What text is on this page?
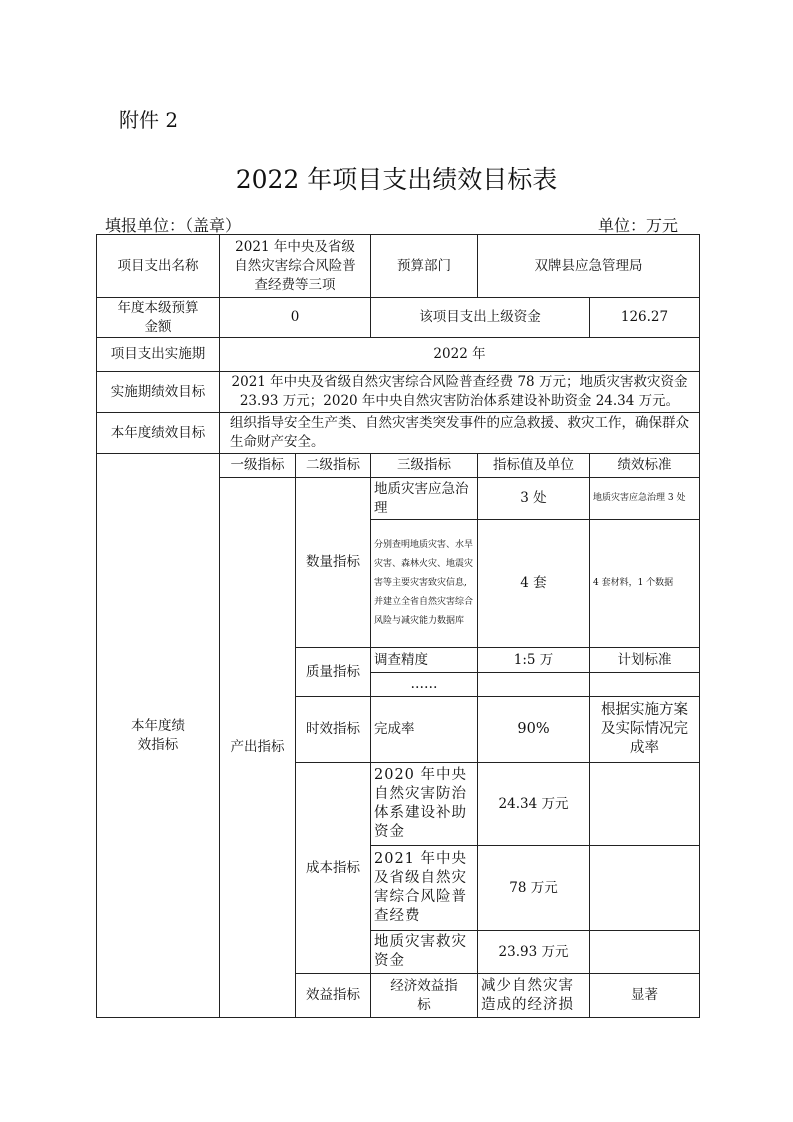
附件 2
2022 年项目支出绩效目标表
填报单位：（盖章）	单位：万元
项目支出名称	2021 年中央及省级自然灾害综合风险普查经费等三项		预算部门	双牌县应急管理局		
年度本级预算金额	0		该项目支出上级资金		126.27	
项目支出实施期	2022 年					
实施期绩效目标	2021 年中央及省级自然灾害综合风险普查经费 78 万元；地质灾害救灾资金 23.93 万元；2020 年中央自然灾害防治体系建设补助资金 24.34 万元。					
本年度绩效目标	组织指导安全生产类、自然灾害类突发事件的应急救援、救灾工作，确保群众生命财产安全。					
本年度绩效指标	一级指标	二级指标	三级指标	指标值及单位	绩效标准	
	产出指标	数量指标	地质灾害应急治理	3 处	地质灾害应急治理 3 处	
			分别查明地质灾害、水旱灾害、森林火灾、地震灾害等主要灾害致灾信息,并建立全省自然灾害综合风险与减灾能力数据库	4 套	4 套材料，1 个数据	
		质量指标	调查精度	1:5 万	计划标准	
			……			
		时效指标	完成率	90%	根据实施方案及实际情况完成率	
		成本指标	2020 年中央自然灾害防治体系建设补助资金	24.34 万元		
			2021 年中央及省级自然灾害综合风险普查经费	78 万元		
			地质灾害救灾资金	23.93 万元		
		效益指标	经济效益指标	减少自然灾害造成的经济损	显著	
